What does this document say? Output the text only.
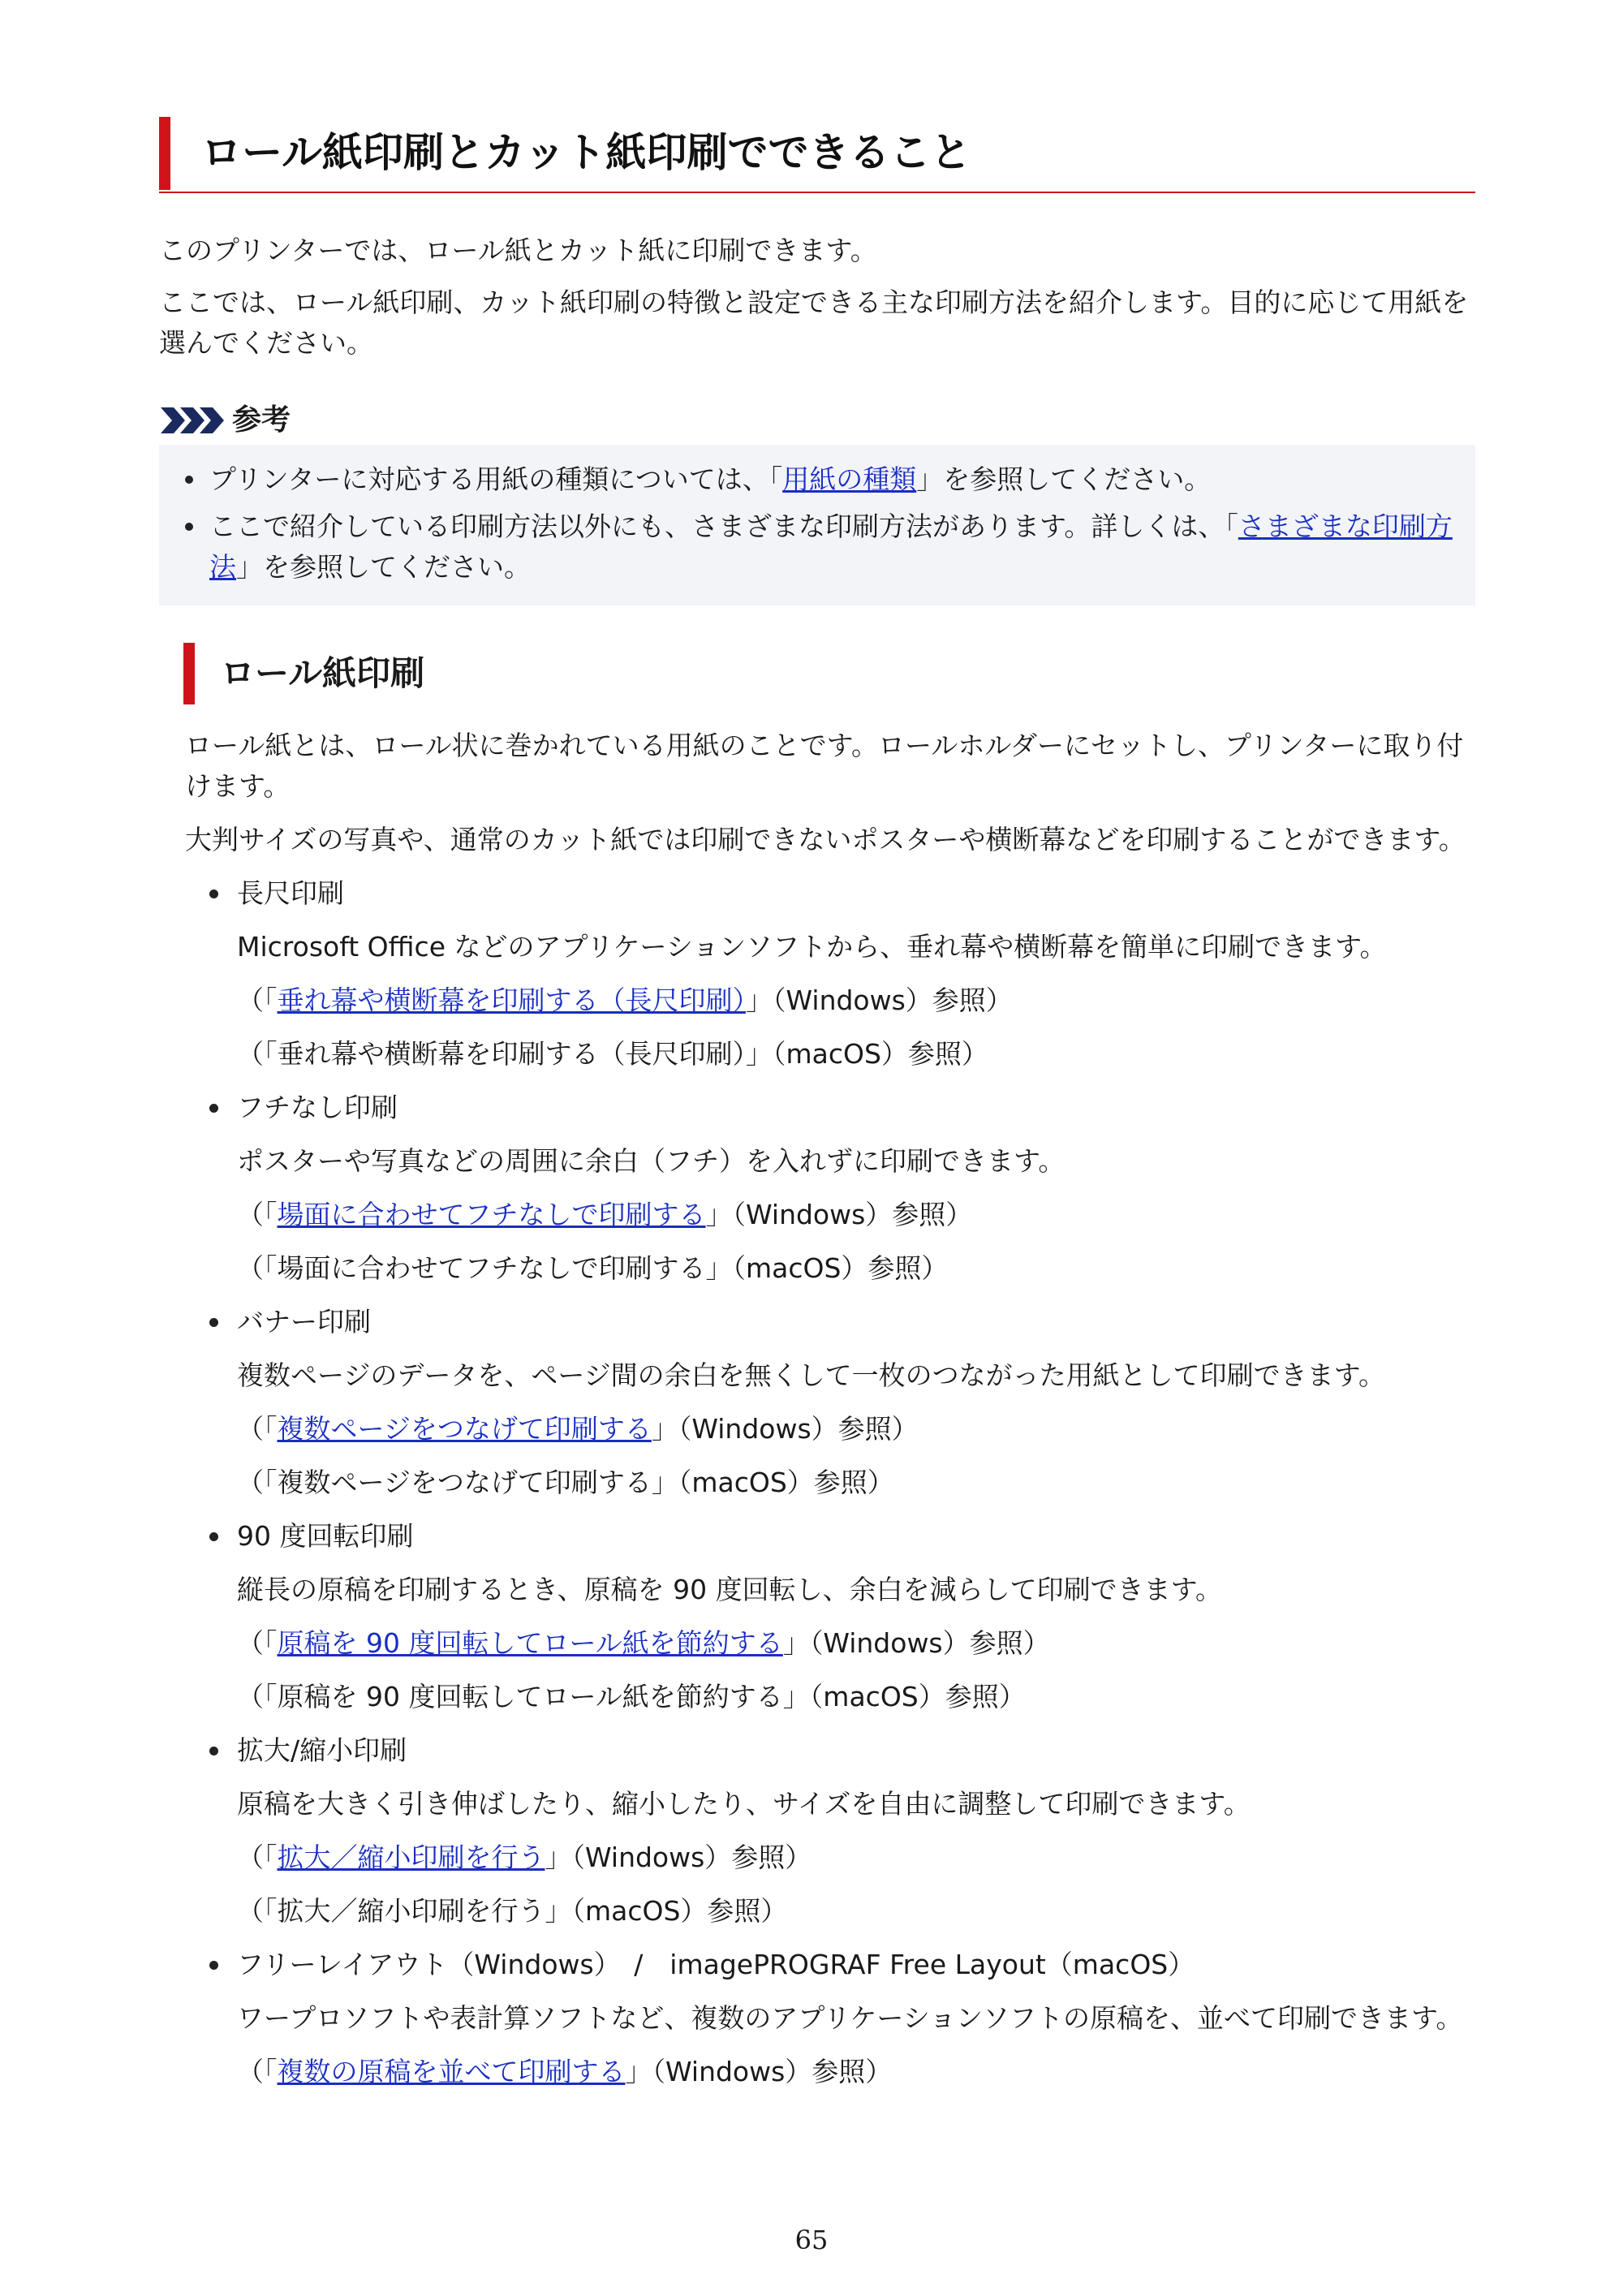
ロール紙印刷とカット紙印刷でできること

このプリンターでは、ロール紙とカット紙に印刷できます。

ここでは、ロール紙印刷、カット紙印刷の特徴と設定できる主な印刷方法を紹介します。目的に応じて用紙を選んでください。

参考
プリンターに対応する用紙の種類については、「用紙の種類」を参照してください。
ここで紹介している印刷方法以外にも、さまざまな印刷方法があります。詳しくは、「さまざまな印刷方法」を参照してください。
ロール紙印刷

ロール紙とは、ロール状に巻かれている用紙のことです。ロールホルダーにセットし、プリンターに取り付けます。

大判サイズの写真や、通常のカット紙では印刷できないポスターや横断幕などを印刷することができます。

長尺印刷
Microsoft Office などのアプリケーションソフトから、垂れ幕や横断幕を簡単に印刷できます。
（「垂れ幕や横断幕を印刷する（長尺印刷）」（Windows）参照）
（「垂れ幕や横断幕を印刷する（長尺印刷）」（macOS）参照）
フチなし印刷
ポスターや写真などの周囲に余白（フチ）を入れずに印刷できます。
（「場面に合わせてフチなしで印刷する」（Windows）参照）
（「場面に合わせてフチなしで印刷する」（macOS）参照）
バナー印刷
複数ページのデータを、ページ間の余白を無くして一枚のつながった用紙として印刷できます。
（「複数ページをつなげて印刷する」（Windows）参照）
（「複数ページをつなげて印刷する」（macOS）参照）
90 度回転印刷
縦長の原稿を印刷するとき、原稿を 90 度回転し、余白を減らして印刷できます。
（「原稿を 90 度回転してロール紙を節約する」（Windows）参照）
（「原稿を 90 度回転してロール紙を節約する」（macOS）参照）
拡大/縮小印刷
原稿を大きく引き伸ばしたり、縮小したり、サイズを自由に調整して印刷できます。
（「拡大／縮小印刷を行う」（Windows）参照）
（「拡大／縮小印刷を行う」（macOS）参照）
フリーレイアウト（Windows）　/　imagePROGRAF Free Layout（macOS）
ワープロソフトや表計算ソフトなど、複数のアプリケーションソフトの原稿を、並べて印刷できます。
（「複数の原稿を並べて印刷する」（Windows）参照）
65
